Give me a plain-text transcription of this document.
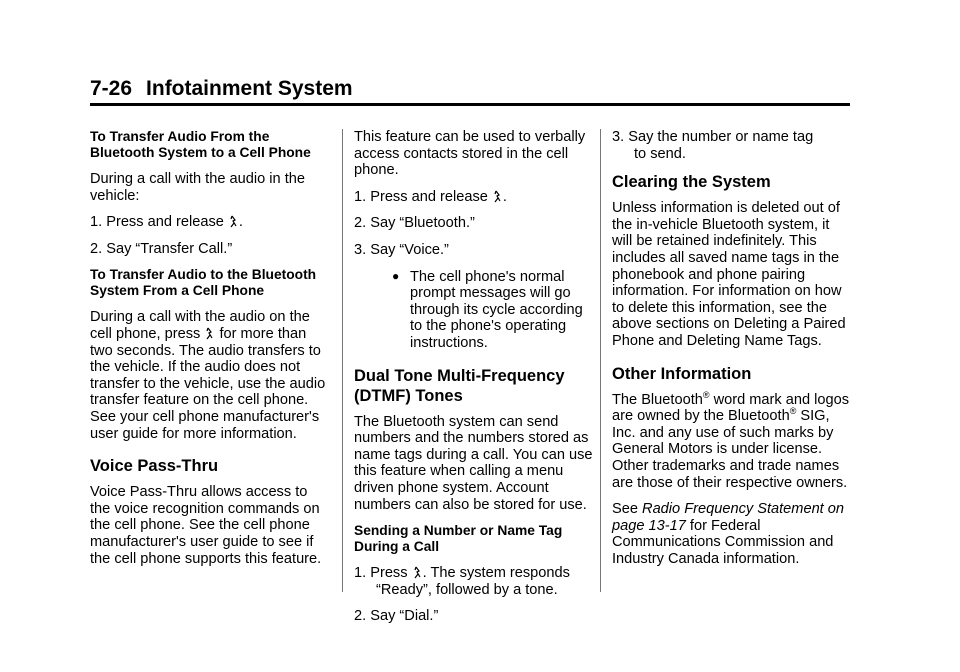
7-26 Infotainment System
To Transfer Audio From the Bluetooth System to a Cell Phone

During a call with the audio in the vehicle:

1. Press and release
.

2. Say “Transfer Call.”

To Transfer Audio to the Bluetooth System From a Cell Phone

During a call with the audio on the cell phone, press
for more than two seconds. The audio transfers to the vehicle. If the audio does not transfer to the vehicle, use the audio transfer feature on the cell phone. See your cell phone manufacturer's user guide for more information.

Voice Pass-Thru

Voice Pass-Thru allows access to the voice recognition commands on the cell phone. See the cell phone manufacturer's user guide to see if the cell phone supports this feature.

This feature can be used to verbally access contacts stored in the cell phone.

1. Press and release
.

2. Say “Bluetooth.”

3. Say “Voice.”

● The cell phone's normal prompt messages will go through its cycle according to the phone's operating instructions.
Dual Tone Multi-Frequency (DTMF) Tones

The Bluetooth system can send numbers and the numbers stored as name tags during a call. You can use this feature when calling a menu driven phone system. Account numbers can also be stored for use.

Sending a Number or Name Tag During a Call

1. Press
. The system responds
“Ready”, followed by a tone.

2. Say “Dial.”

3. Say the number or name tag
to send.

Clearing the System

Unless information is deleted out of the in-vehicle Bluetooth system, it will be retained indefinitely. This includes all saved name tags in the phonebook and phone pairing information. For information on how to delete this information, see the above sections on Deleting a Paired Phone and Deleting Name Tags.

Other Information

The Bluetooth® word mark and logos are owned by the Bluetooth® SIG, Inc. and any use of such marks by General Motors is under license. Other trademarks and trade names are those of their respective owners.

See Radio Frequency Statement on page 13-17 for Federal Communications Commission and Industry Canada information.
